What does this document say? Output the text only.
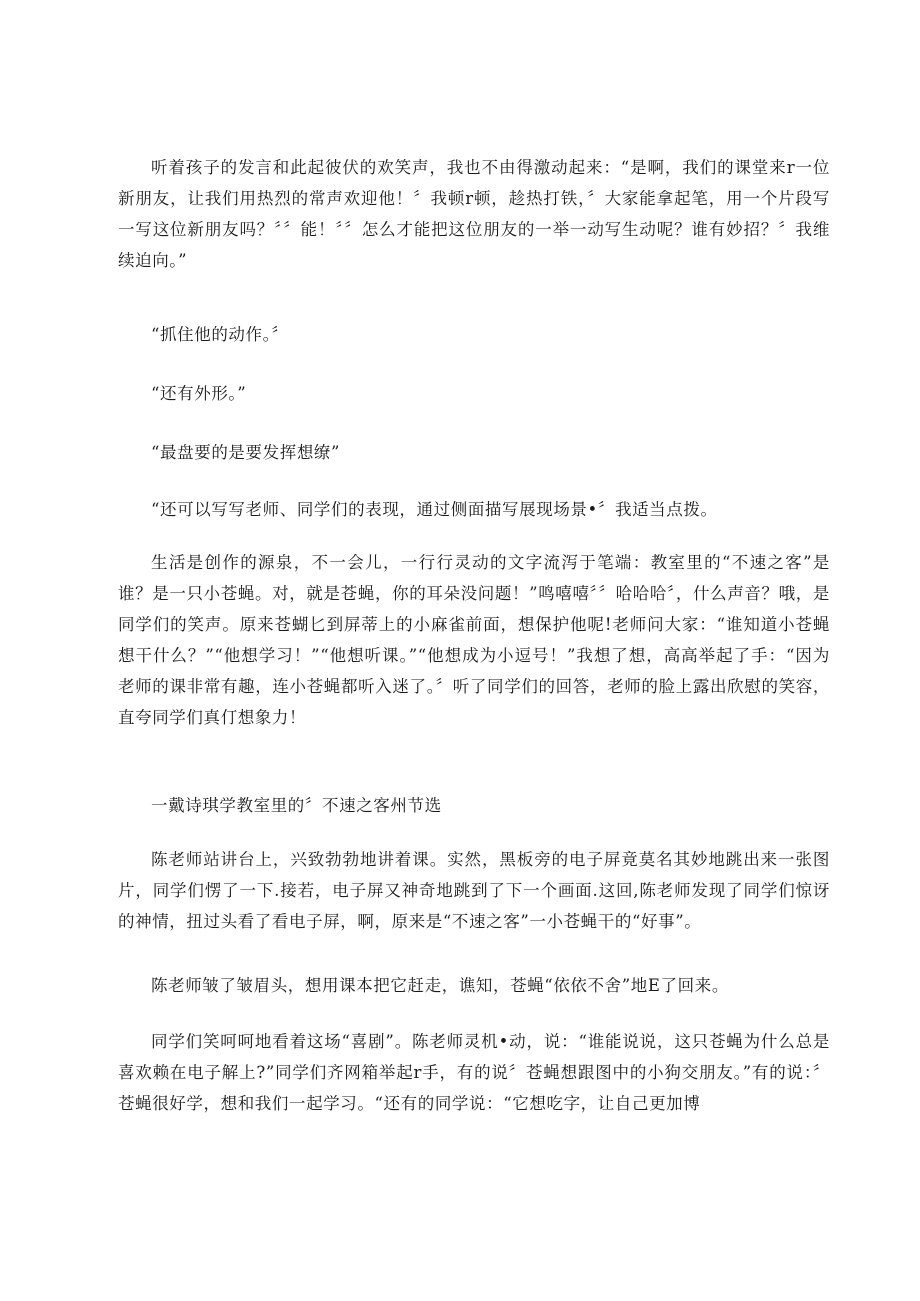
听着孩子的发言和此起彼伏的欢笑声，我也不由得激动起来：“是啊，我们的课堂来r一位新朋友，让我们用热烈的常声欢迎他！〞我顿r顿，趁热打铁，〞大家能拿起笔，用一个片段写一写这位新朋友吗？〞〞能！〞〞怎么才能把这位朋友的一举一动写生动呢？谁有妙招？〞我维续迫向。”

“抓住他的动作。〞

“还有外形。”

“最盘要的是要发挥想缭”

“还可以写写老师、同学们的表现，通过侧面描写展现场景•〞我适当点拨。

生活是创作的源泉，不一会儿，一行行灵动的文字流泻于笔端：教室里的“不速之客”是谁？是一只小苍蝇。对，就是苍蝇，你的耳朵没问题！”鸣嘻嘻〞〞哈哈哈〞，什么声音？哦，是同学们的笑声。原来苍蝴匕到屏蒂上的小麻雀前面，想保护他呢!老师问大家：“谁知道小苍蝇想干什么？”“他想学习！”“他想听课。”“他想成为小逗号！”我想了想，高高举起了手：“因为老师的课非常有趣，连小苍蝇都听入迷了。〞听了同学们的回答，老师的脸上露出欣慰的笑容，直夸同学们真仃想象力！

一戴诗琪学教室里的〞不速之客州节选

陈老师站讲台上，兴致勃勃地讲着课。实然，黑板旁的电子屏竟莫名其妙地跳出来一张图片，同学们愣了一下.接若，电子屏又神奇地跳到了下一个画面.这回,陈老师发现了同学们惊讶的神情，扭过头看了看电子屏，啊，原来是“不速之客”一小苍蝇干的“好事”。

陈老师皱了皱眉头，想用课本把它赶走，谯知，苍蝇“依依不舍”地E了回来。

同学们笑呵呵地看着这场“喜剧”。陈老师灵机•动，说：“谁能说说，这只苍蝇为什么总是喜欢赖在电子解上?”同学们齐网箱举起r手，有的说〞苍蝇想跟图中的小狗交朋友。”有的说：〞苍蝇很好学，想和我们一起学习。“还有的同学说：“它想吃字，让自己更加博
